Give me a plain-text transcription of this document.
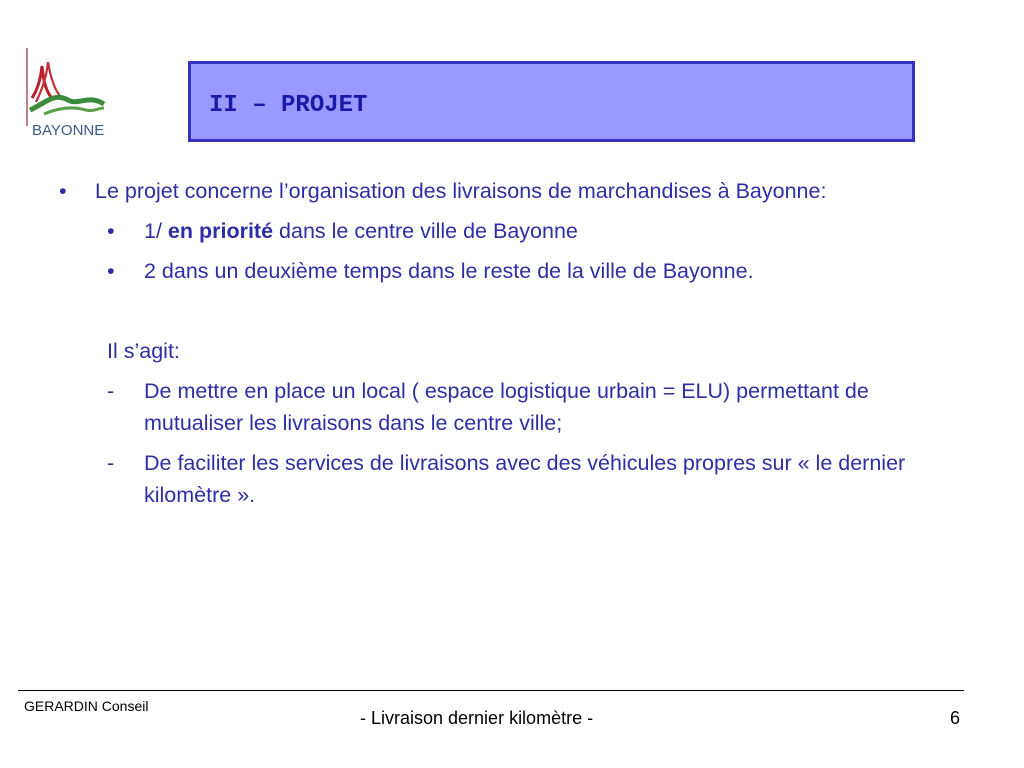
BAYONNE
II – PROJET
• Le projet concerne l’organisation des livraisons de marchandises à Bayonne:
• 1/ en priorité dans le centre ville de Bayonne
• 2 dans un deuxième temps dans le reste de la ville de Bayonne.
Il s’agit:
- De mettre en place un local ( espace logistique urbain = ELU) permettant de mutualiser les livraisons dans le centre ville;
- De faciliter les services de livraisons avec des véhicules propres sur « le dernier kilomètre ».
GERARDIN Conseil
- Livraison dernier kilomètre -	6
